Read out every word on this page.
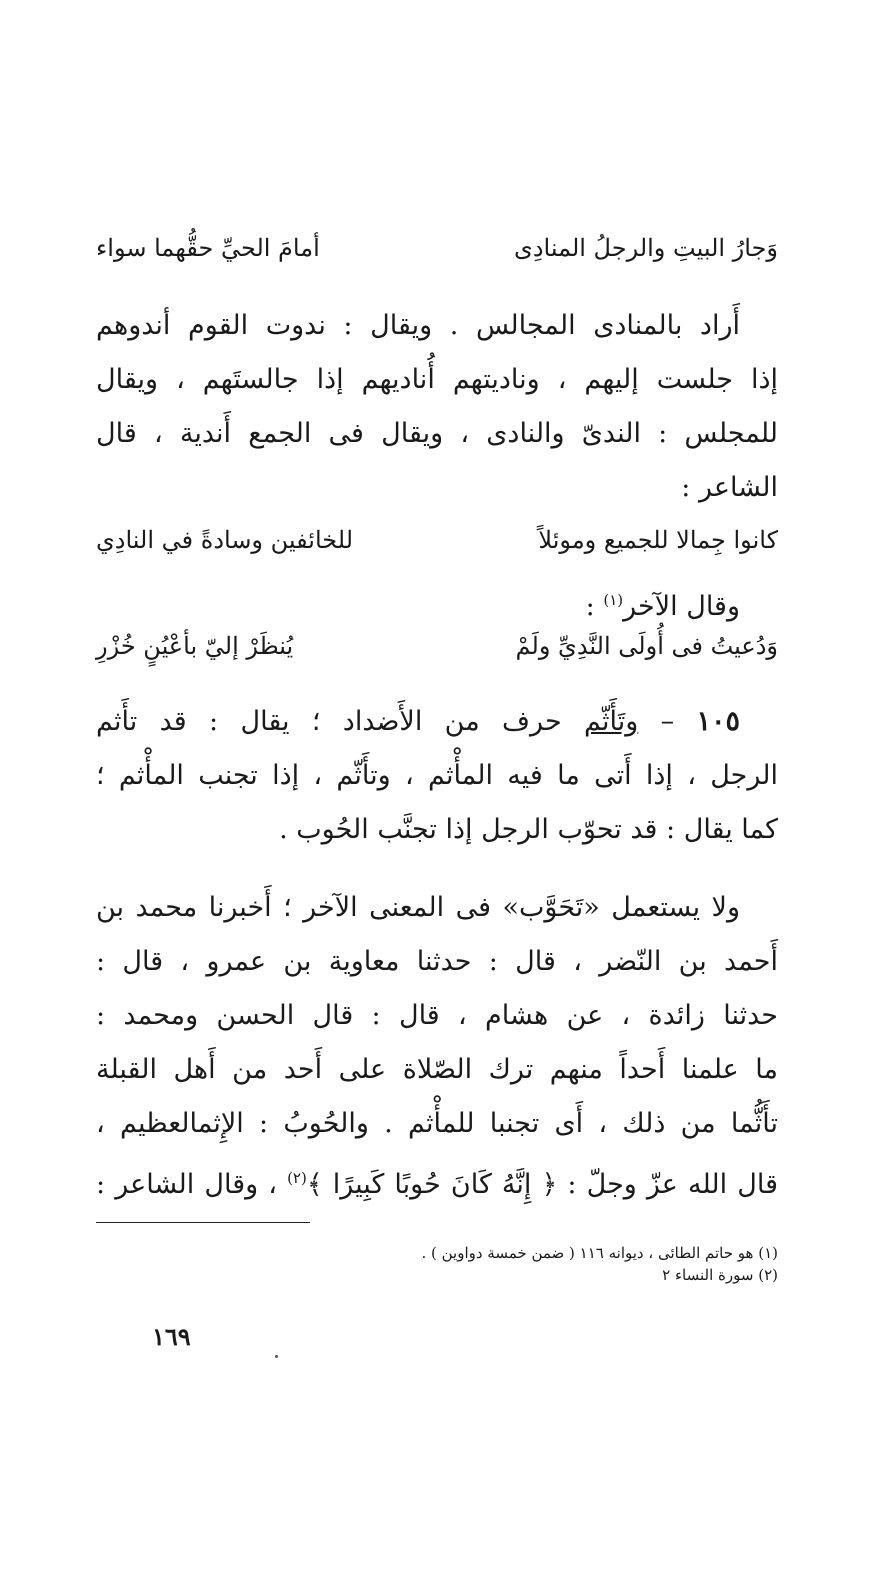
وَجارُ البيتِ والرجلُ المنادِى
أمامَ الحيِّ حقُّهما سواء
أَراد بالمنادى المجالس . ويقال : ندوت القوم أندوهم
إذا جلست إليهم ، وناديتهم أُناديهم إذا جالستَهم ، ويقال
للمجلس : الندىّ والنادى ، ويقال فى الجمع أَندية ، قال
الشاعر :
كانوا جِمالا للجميع وموئلاً
للخائفين وسادةً في النادِي
وقال الآخر$^{(١)}$ :
وَدُعيتُ فى أُولَى النَّدِيِّ ولَمْ
يُنظَرْ إليّ بأعْيُنٍ خُزْرِ
١٠٥ – وتَأَثّم حرف من الأَضداد ؛ يقال : قد تأَثم
الرجل ، إذا أَتى ما فيه المأْثم ، وتأَثّم ، إذا تجنب المأْثم ؛
كما يقال : قد تحوّب الرجل إذا تجنَّب الحُوب .
ولا يستعمل «تَحَوَّب» فى المعنى الآخر ؛ أَخبرنا محمد بن
أَحمد بن النّضر ، قال : حدثنا معاوية بن عمرو ، قال :
حدثنا زائدة ، عن هشام ، قال : قال الحسن ومحمد :
ما علمنا أَحداً منهم ترك الصّلاة على أَحد من أَهل القبلة
تأَثُّما من ذلك ، أَى تجنبا للمأْثم . والحُوبُ : الإِثمالعظيم ،
قال الله عزّ وجلّ : ﴿ إِنَّهُ كَانَ حُوبًا كَبِيرًا ﴾$^{(٢)}$ ، وقال الشاعر :
(١) هو حاتم الطائى ، ديوانه ١١٦ ( ضمن خمسة دواوين ) .
(٢) سورة النساء ٢
١٦٩
